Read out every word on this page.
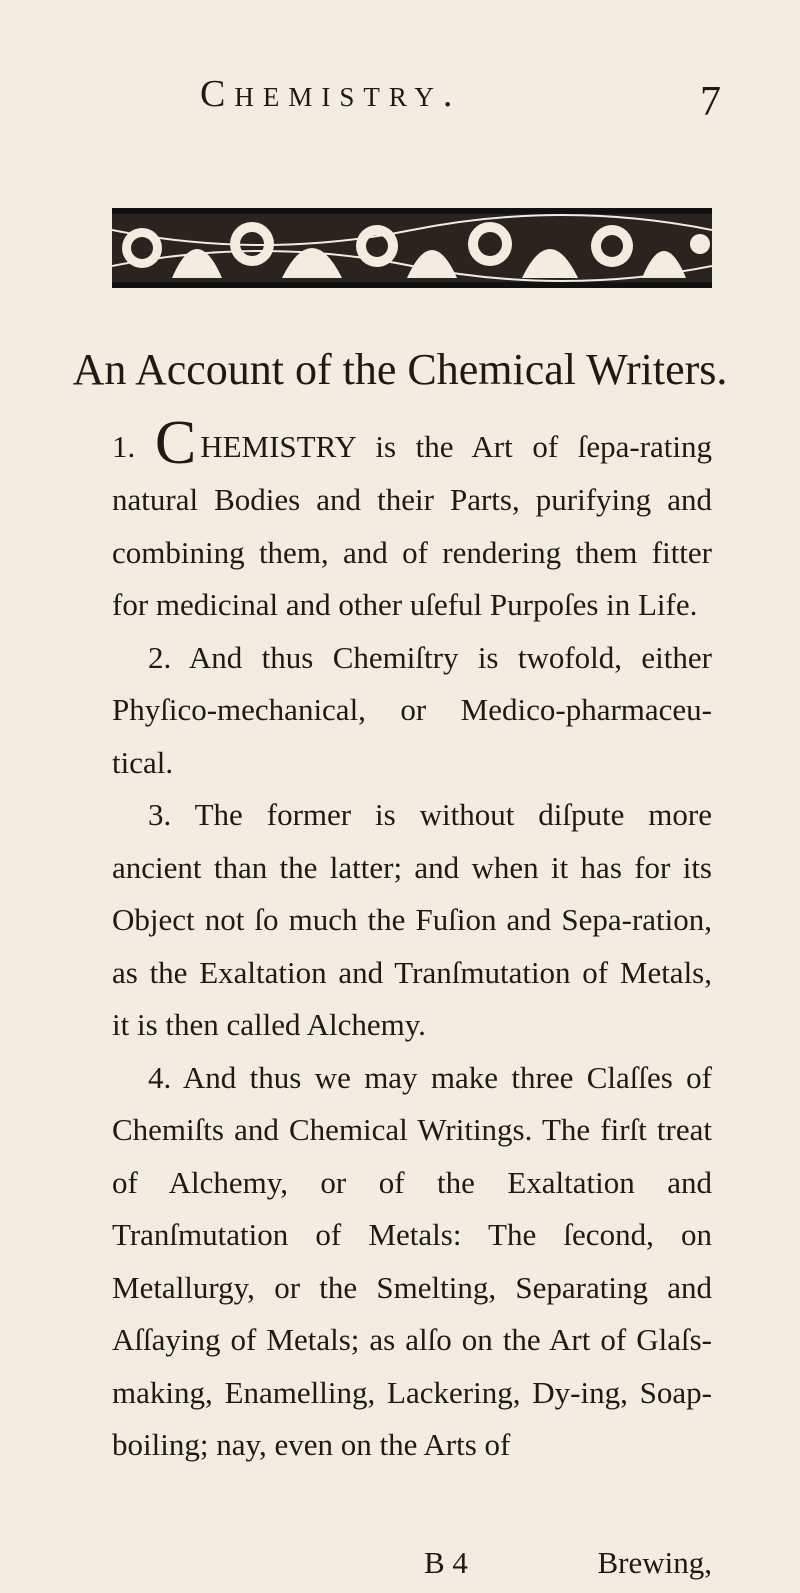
Chemistry.	7
An Account of the Chemical Writers.

1. C HEMISTRY is the Art of ſepa-rating natural Bodies and their Parts, purifying and combining them, and of rendering them fitter for medicinal and other uſeful Purpoſes in Life.

2. And thus Chemiſtry is twofold, either Phyſico-mechanical, or Medico-pharmaceu-tical.

3. The former is without diſpute more ancient than the latter; and when it has for its Object not ſo much the Fuſion and Sepa-ration, as the Exaltation and Tranſmutation of Metals, it is then called Alchemy.

4. And thus we may make three Claſſes of Chemiſts and Chemical Writings. The firſt treat of Alchemy, or of the Exaltation and Tranſmutation of Metals: The ſecond, on Metallurgy, or the Smelting, Separating and Aſſaying of Metals; as alſo on the Art of Glaſs-making, Enamelling, Lackering, Dy-ing, Soap-boiling; nay, even on the Arts of

B 4	Brewing,
